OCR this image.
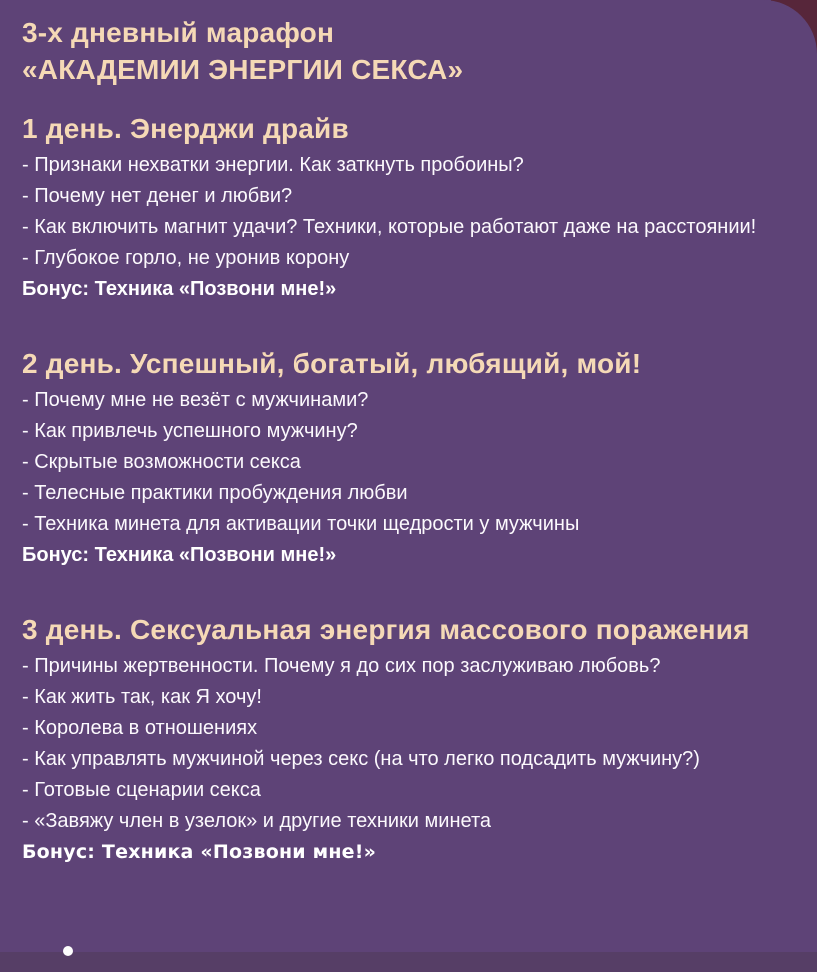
3-х дневный марафон
«АКАДЕМИИ ЭНЕРГИИ СЕКСА»
1 день. Энерджи драйв

- Признаки нехватки энергии. Как заткнуть пробоины?

- Почему нет денег и любви?

- Как включить магнит удачи? Техники, которые работают даже на расстоянии!

- Глубокое горло, не уронив корону

Бонус: Техника «Позвони мне!»

2 день. Успешный, богатый, любящий, мой!

- Почему мне не везёт с мужчинами?

- Как привлечь успешного мужчину?

- Скрытые возможности секса

- Телесные практики пробуждения любви

- Техника минета для активации точки щедрости у мужчины

Бонус: Техника «Позвони мне!»

3 день. Сексуальная энергия массового поражения

- Причины жертвенности. Почему я до сих пор заслуживаю любовь?

- Как жить так, как Я хочу!

- Королева в отношениях

- Как управлять мужчиной через секс (на что легко подсадить мужчину?)

- Готовые сценарии секса

- «Завяжу член в узелок» и другие техники минета

Бонус: Техника «Позвони мне!»
